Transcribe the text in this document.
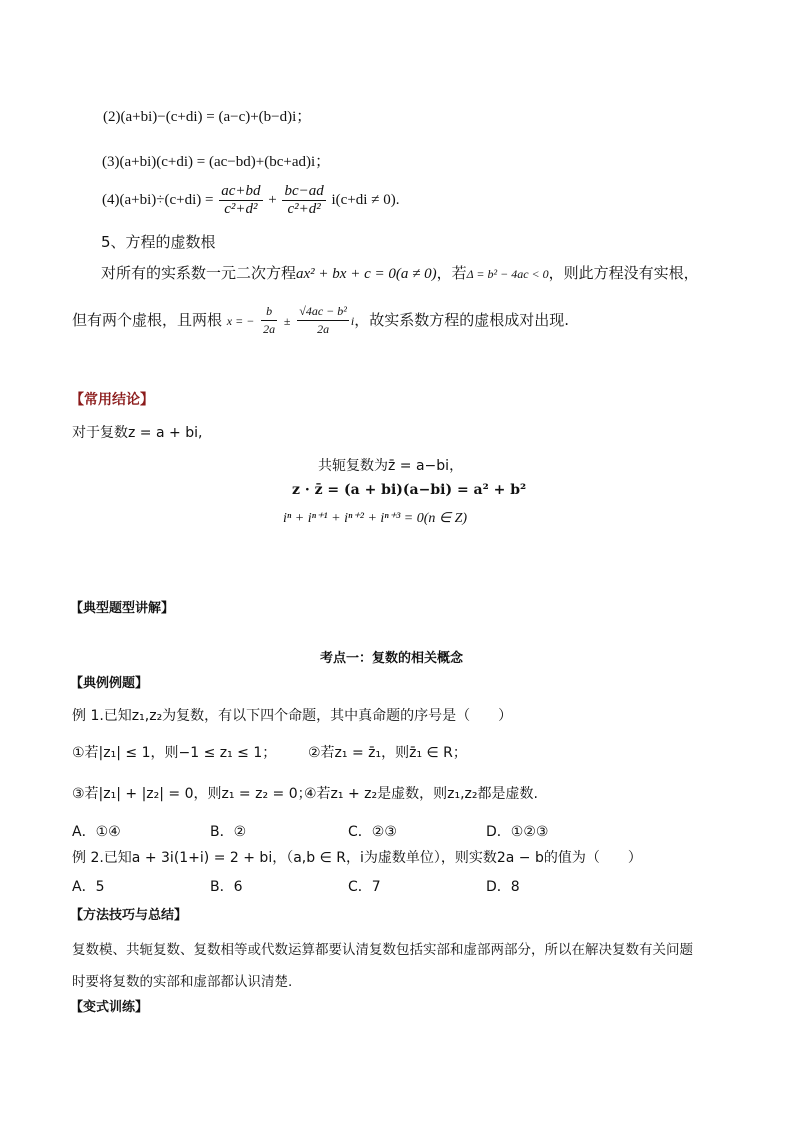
(2)(a+bi)−(c+di) = (a−c)+(b−d)i；
(3)(a+bi)(c+di) = (ac−bd)+(bc+ad)i；
$(4)(a+bi)\div(c+di) = \frac{ac+bd}{\text{c²+d²}} + \frac{bc-ad}{\text{c²+d²}} i(c+di \ne 0)$.
5、方程的虚数根
对所有的实系数一元二次方程ax² + bx + c = 0(a ≠ 0)，若Δ = b² − 4ac < 0，则此方程没有实根，
但有两个虚根，且两根 x = − $\frac{b}{2a} \pm \frac{\text{√4ac − b²}}{2a}$ i，故实系数方程的虚根成对出现.
【常用结论】
对于复数z = a + bi,
共轭复数为z̄ = a−bi，
z · z̄ = (a + bi)(a−bi) = a² + b²
iⁿ + iⁿ⁺¹ + iⁿ⁺² + iⁿ⁺³ = 0(n ∈ Z)
【典型题型讲解】
考点一：复数的相关概念
【典例例题】
例 1.已知z₁,z₂为复数，有以下四个命题，其中真命题的序号是（　　）
①若|z₁| ≤ 1，则−1 ≤ z₁ ≤ 1； ②若z₁ = z̄₁，则z̄₁ ∈ R；
③若|z₁| + |z₂| = 0，则z₁ = z₂ = 0；
④若z₁ + z₂是虚数，则z₁,z₂都是虚数.
A．①④	B．②	C．②③	D．①②③
例 2.已知a + 3i(1+i) = 2 + bi，（a,b ∈ R，i为虚数单位），则实数2a − b的值为（　　）
A．5	B．6	C．7	D．8
【方法技巧与总结】
复数模、共轭复数、复数相等或代数运算都要认清复数包括实部和虚部两部分，所以在解决复数有关问题
时要将复数的实部和虚部都认识清楚.
【变式训练】
